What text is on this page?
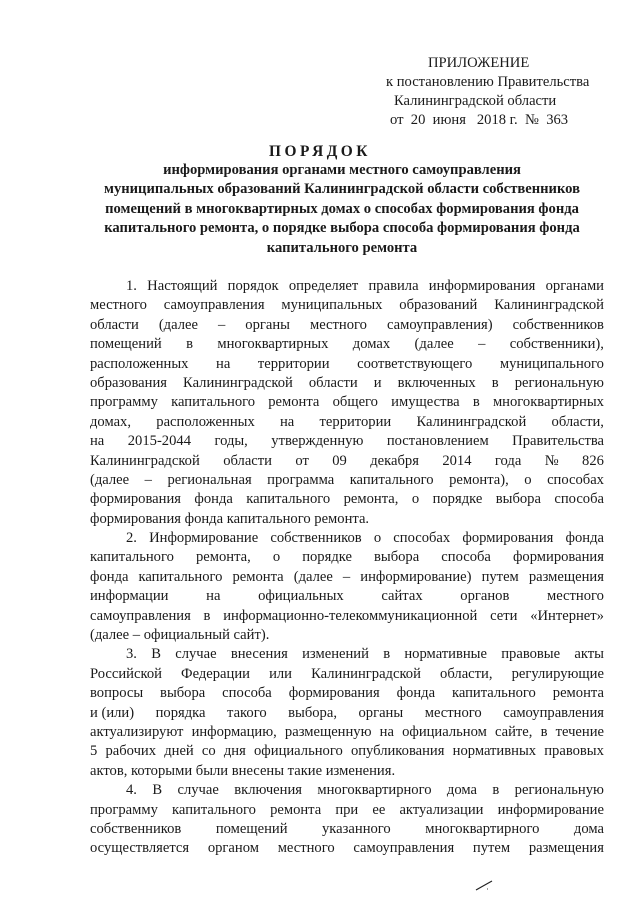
ПРИЛОЖЕНИЕ
к постановлению Правительства
Калининградской области
от  20  июня   2018 г.  №  363
ПОРЯДОК
информирования органами местного самоуправления
муниципальных образований Калининградской области собственников
помещений в многоквартирных домах о способах формирования фонда
капитального ремонта, о порядке выбора способа формирования фонда
капитального ремонта
1. Настоящий порядок определяет правила информирования органами
местного самоуправления муниципальных образований Калининградской
области (далее – органы местного самоуправления) собственников
помещений в многоквартирных домах (далее – собственники),
расположенных на территории соответствующего муниципального
образования Калининградской области и включенных в региональную
программу капитального ремонта общего имущества в многоквартирных
домах, расположенных на территории Калининградской области,
на 2015-2044 годы, утвержденную постановлением Правительства
Калининградской области от 09 декабря 2014 года № 826
(далее – региональная программа капитального ремонта), о способах
формирования фонда капитального ремонта, о порядке выбора способа
формирования фонда капитального ремонта.
2. Информирование собственников о способах формирования фонда
капитального ремонта, о порядке выбора способа формирования
фонда капитального ремонта (далее – информирование) путем размещения
информации	на	официальных	сайтах	органов	местного
самоуправления в информационно-телекоммуникационной сети «Интернет»
(далее – официальный сайт).
3. В случае внесения изменений в нормативные правовые акты
Российской Федерации или Калининградской области, регулирующие
вопросы выбора способа формирования фонда капитального ремонта
и (или) порядка такого выбора, органы местного самоуправления
актуализируют информацию, размещенную на официальном сайте, в течение
5 рабочих дней со дня официального опубликования нормативных правовых
актов, которыми были внесены такие изменения.
4. В случае включения многоквартирного дома в региональную
программу капитального ремонта при ее актуализации информирование
собственников помещений указанного многоквартирного дома
осуществляется органом местного самоуправления путем размещения
